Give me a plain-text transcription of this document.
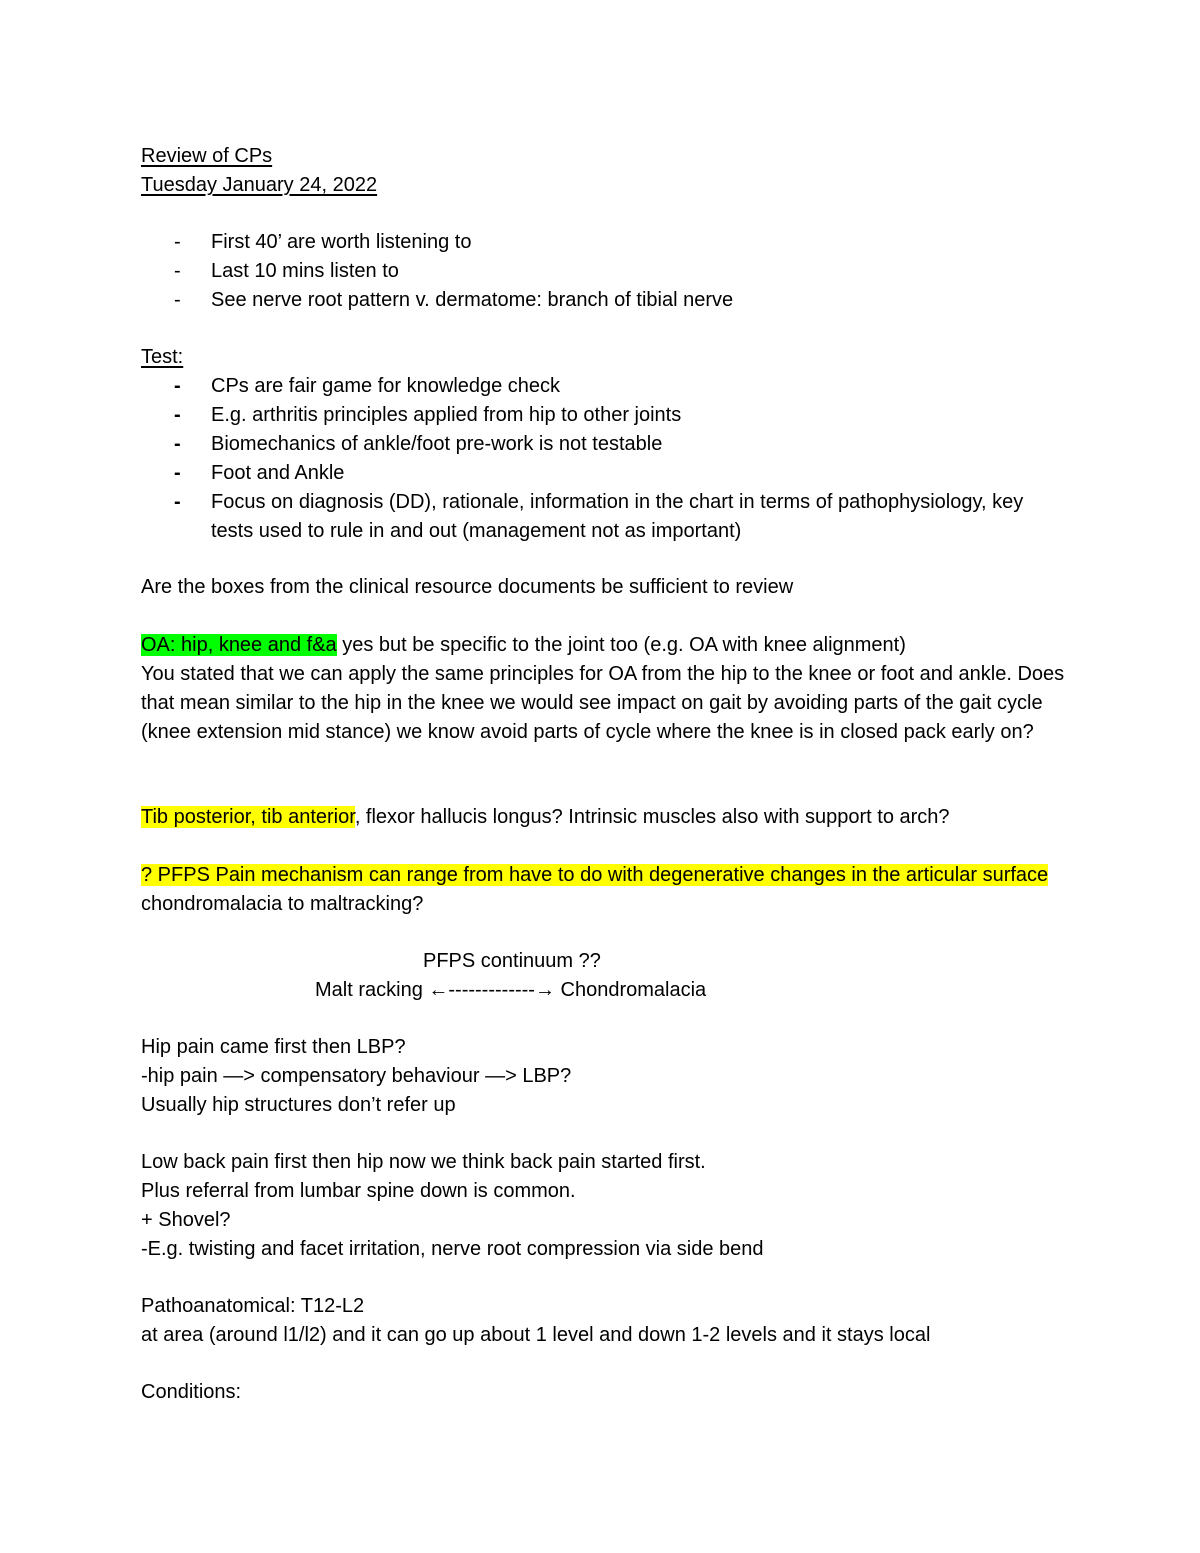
Review of CPs
Tuesday January 24, 2022
- First 40’ are worth listening to
- Last 10 mins listen to
- See nerve root pattern v. dermatome: branch of tibial nerve
Test:
- CPs are fair game for knowledge check
- E.g. arthritis principles applied from hip to other joints
- Biomechanics of ankle/foot pre-work is not testable
- Foot and Ankle
- Focus on diagnosis (DD), rationale, information in the chart in terms of pathophysiology, key tests used to rule in and out (management not as important)
Are the boxes from the clinical resource documents be sufficient to review
OA: hip, knee and f&a yes but be specific to the joint too (e.g. OA with knee alignment)
You stated that we can apply the same principles for OA from the hip to the knee or foot and ankle. Does that mean similar to the hip in the knee we would see impact on gait by avoiding parts of the gait cycle (knee extension mid stance) we know avoid parts of cycle where the knee is in closed pack early on?
Tib posterior, tib anterior, flexor hallucis longus? Intrinsic muscles also with support to arch?
? PFPS Pain mechanism can range from have to do with degenerative changes in the articular surface chondromalacia to maltracking?
PFPS continuum ??
Malt racking ←-------------→ Chondromalacia
Hip pain came first then LBP?
-hip pain —> compensatory behaviour —> LBP?
Usually hip structures don’t refer up
Low back pain first then hip now we think back pain started first.
Plus referral from lumbar spine down is common.
+ Shovel?
-E.g. twisting and facet irritation, nerve root compression via side bend
Pathoanatomical: T12-L2
at area (around l1/l2) and it can go up about 1 level and down 1-2 levels and it stays local
Conditions:
